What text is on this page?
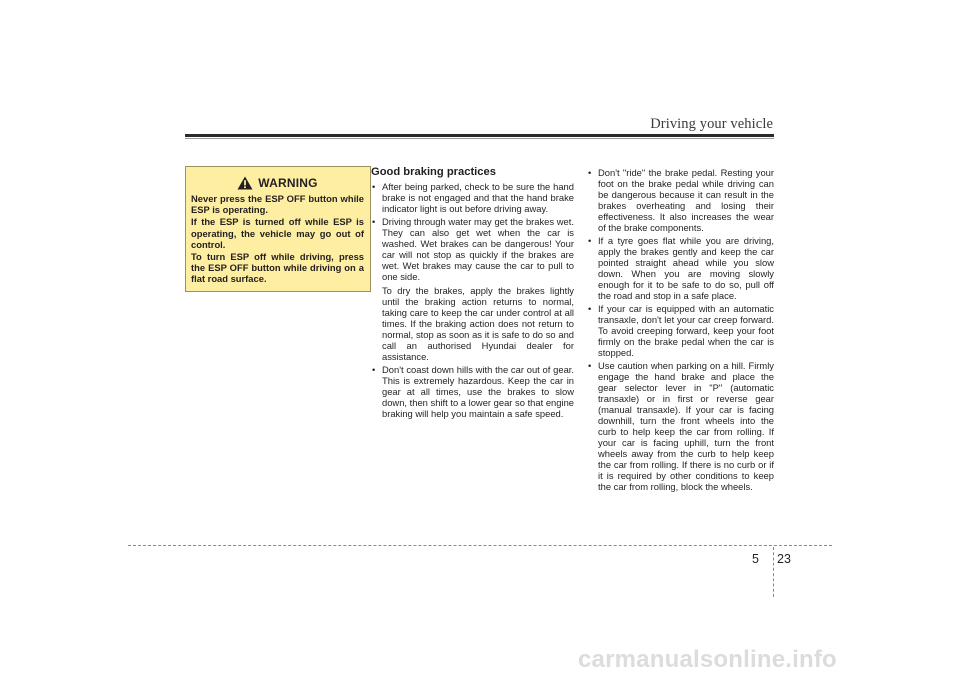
Driving your vehicle
WARNING

Never press the ESP OFF button while ESP is operating.

If the ESP is turned off while ESP is operating, the vehicle may go out of control.

To turn ESP off while driving, press the ESP OFF button while driving on a flat road surface.

Good braking practices
• After being parked, check to be sure the hand brake is not engaged and that the hand brake indicator light is out before driving away.

• Driving through water may get the brakes wet. They can also get wet when the car is washed. Wet brakes can be dangerous! Your car will not stop as quickly if the brakes are wet. Wet brakes may cause the car to pull to one side.

To dry the brakes, apply the brakes lightly until the braking action returns to normal, taking care to keep the car under control at all times. If the braking action does not return to normal, stop as soon as it is safe to do so and call an authorised Hyundai dealer for assistance.

• Don't coast down hills with the car out of gear. This is extremely hazardous. Keep the car in gear at all times, use the brakes to slow down, then shift to a lower gear so that engine braking will help you maintain a safe speed.

• Don't "ride" the brake pedal. Resting your foot on the brake pedal while driving can be dangerous because it can result in the brakes overheating and losing their effectiveness. It also increases the wear of the brake components.

• If a tyre goes flat while you are driving, apply the brakes gently and keep the car pointed straight ahead while you slow down. When you are moving slowly enough for it to be safe to do so, pull off the road and stop in a safe place.

• If your car is equipped with an automatic transaxle, don't let your car creep forward. To avoid creeping forward, keep your foot firmly on the brake pedal when the car is stopped.

• Use caution when parking on a hill. Firmly engage the hand brake and place the gear selector lever in "P" (automatic transaxle) or in first or reverse gear (manual transaxle). If your car is facing downhill, turn the front wheels into the curb to help keep the car from rolling. If your car is facing uphill, turn the front wheels away from the curb to help keep the car from rolling. If there is no curb or if it is required by other conditions to keep the car from rolling, block the wheels.

5 23
carmanualsonline.info
